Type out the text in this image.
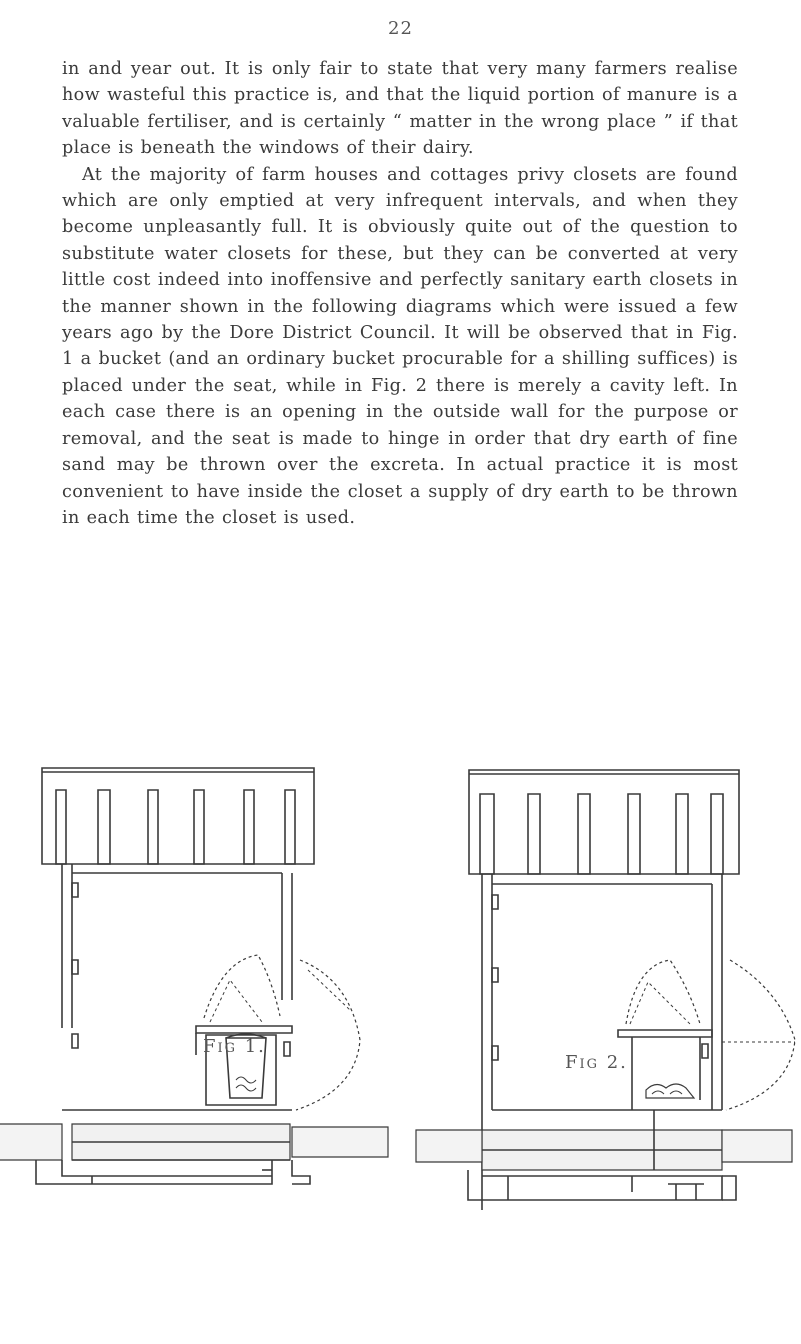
22

in and year out. It is only fair to state that very many farmers realise how wasteful this practice is, and that the liquid portion of manure is a valuable fertiliser, and is certainly “ matter in the wrong place ” if that place is beneath the windows of their dairy.

At the majority of farm houses and cottages privy closets are found which are only emptied at very infrequent intervals, and when they become unpleasantly full. It is obviously quite out of the question to substitute water closets for these, but they can be converted at very little cost indeed into inoffensive and perfectly sanitary earth closets in the manner shown in the following diagrams which were issued a few years ago by the Dore District Council. It will be observed that in Fig. 1 a bucket (and an ordinary bucket procurable for a shilling suffices) is placed under the seat, while in Fig. 2 there is merely a cavity left. In each case there is an opening in the outside wall for the purpose or removal, and the seat is made to hinge in order that dry earth of fine sand may be thrown over the excreta. In actual practice it is most convenient to have inside the closet a supply of dry earth to be thrown in each time the closet is used.

Fig 1.
Fig 2.
